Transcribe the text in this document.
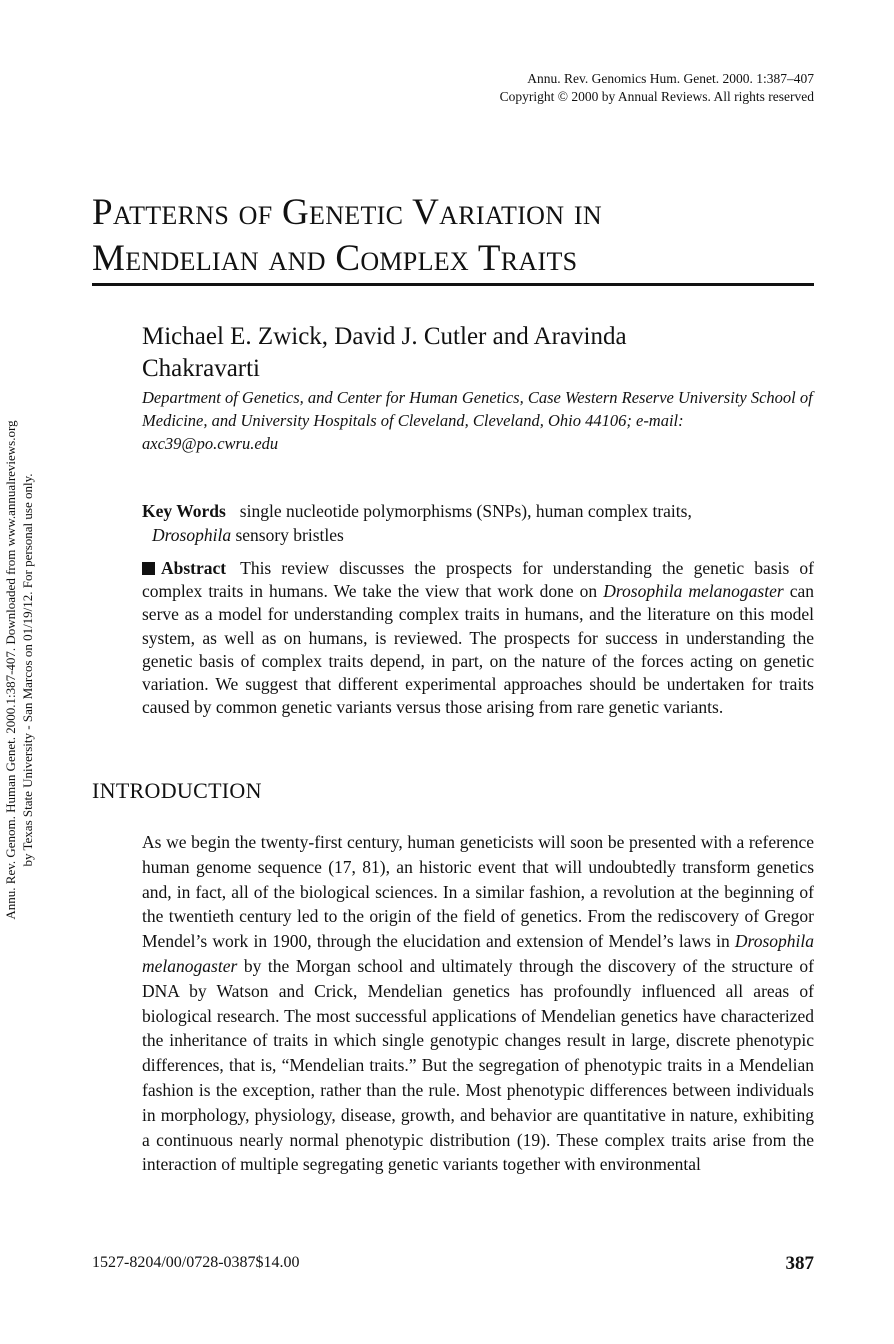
Annu. Rev. Genomics Hum. Genet. 2000. 1:387–407
Copyright © 2000 by Annual Reviews. All rights reserved
Annu. Rev. Genom. Human Genet. 2000.1:387-407. Downloaded from www.annualreviews.org by Texas State University - San Marcos on 01/19/12. For personal use only.
Patterns of Genetic Variation in
Mendelian and Complex Traits
Michael E. Zwick, David J. Cutler and Aravinda Chakravarti
Department of Genetics, and Center for Human Genetics, Case Western Reserve University School of Medicine, and University Hospitals of Cleveland, Cleveland, Ohio 44106; e-mail: axc39@po.cwru.edu
Key Words single nucleotide polymorphisms (SNPs), human complex traits,
Drosophila sensory bristles
Abstract This review discusses the prospects for understanding the genetic basis of complex traits in humans. We take the view that work done on Drosophila melanogaster can serve as a model for understanding complex traits in humans, and the literature on this model system, as well as on humans, is reviewed. The prospects for success in understanding the genetic basis of complex traits depend, in part, on the nature of the forces acting on genetic variation. We suggest that different experimental approaches should be undertaken for traits caused by common genetic variants versus those arising from rare genetic variants.
INTRODUCTION
As we begin the twenty-first century, human geneticists will soon be presented with a reference human genome sequence (17, 81), an historic event that will undoubtedly transform genetics and, in fact, all of the biological sciences. In a similar fashion, a revolution at the beginning of the twentieth century led to the origin of the field of genetics. From the rediscovery of Gregor Mendel’s work in 1900, through the elucidation and extension of Mendel’s laws in Drosophila melanogaster by the Morgan school and ultimately through the discovery of the structure of DNA by Watson and Crick, Mendelian genetics has profoundly influenced all areas of biological research. The most successful applications of Mendelian genetics have characterized the inheritance of traits in which single genotypic changes result in large, discrete phenotypic differences, that is, “Mendelian traits.” But the segregation of phenotypic traits in a Mendelian fashion is the exception, rather than the rule. Most phenotypic differences between individuals in morphology, physiology, disease, growth, and behavior are quantitative in nature, exhibiting a continuous nearly normal phenotypic distribution (19). These complex traits arise from the interaction of multiple segregating genetic variants together with environmental
1527-8204/00/0728-0387$14.00	387
